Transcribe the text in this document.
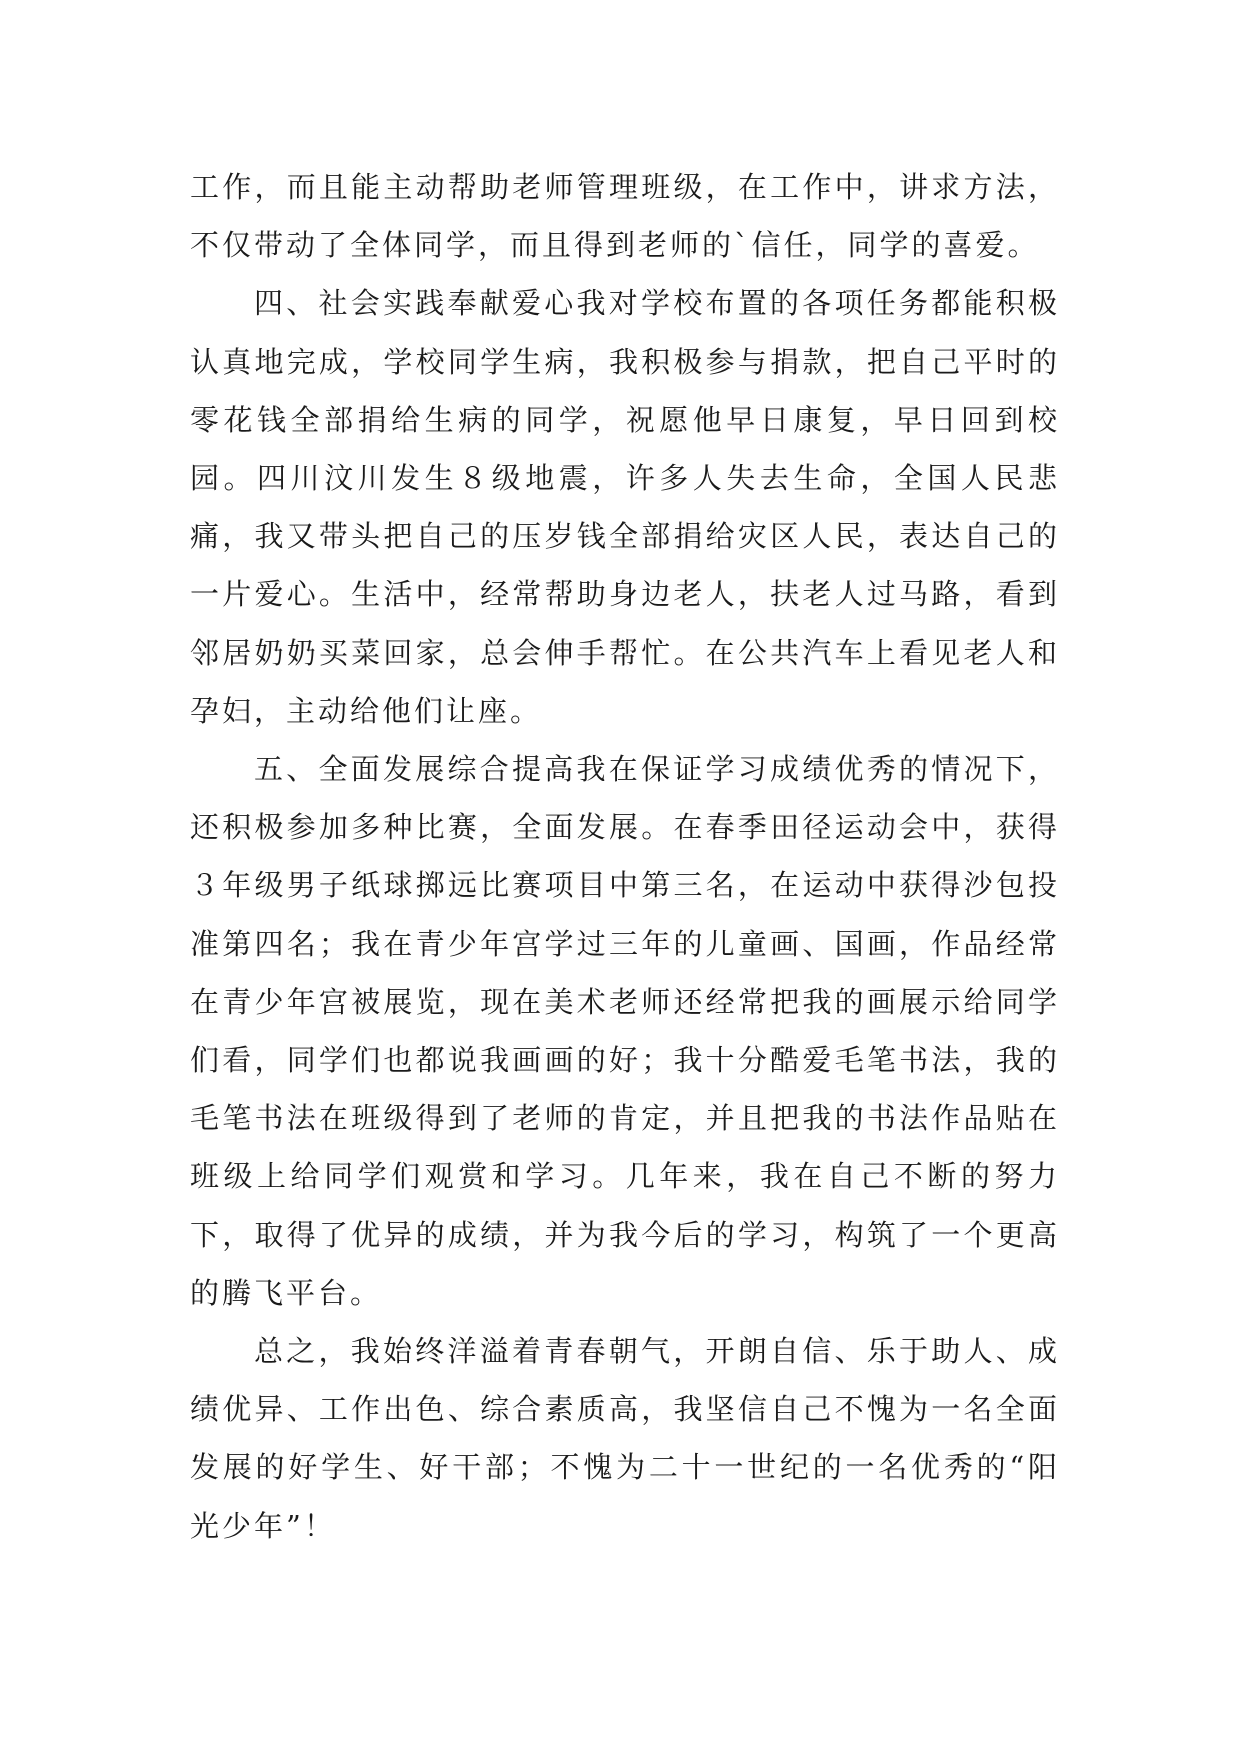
工作，而且能主动帮助老师管理班级，在工作中，讲求方法，不仅带动了全体同学，而且得到老师的`信任，同学的喜爱。

四、社会实践奉献爱心我对学校布置的各项任务都能积极认真地完成，学校同学生病，我积极参与捐款，把自己平时的零花钱全部捐给生病的同学，祝愿他早日康复，早日回到校园。四川汶川发生８级地震，许多人失去生命，全国人民悲痛，我又带头把自己的压岁钱全部捐给灾区人民，表达自己的一片爱心。生活中，经常帮助身边老人，扶老人过马路，看到邻居奶奶买菜回家，总会伸手帮忙。在公共汽车上看见老人和孕妇，主动给他们让座。

五、全面发展综合提高我在保证学习成绩优秀的情况下，还积极参加多种比赛，全面发展。在春季田径运动会中，获得３年级男子纸球掷远比赛项目中第三名，在运动中获得沙包投准第四名；我在青少年宫学过三年的儿童画、国画，作品经常在青少年宫被展览，现在美术老师还经常把我的画展示给同学们看，同学们也都说我画画的好；我十分酷爱毛笔书法，我的毛笔书法在班级得到了老师的肯定，并且把我的书法作品贴在班级上给同学们观赏和学习。几年来，我在自己不断的努力下，取得了优异的成绩，并为我今后的学习，构筑了一个更高的腾飞平台。

总之，我始终洋溢着青春朝气，开朗自信、乐于助人、成绩优异、工作出色、综合素质高，我坚信自己不愧为一名全面发展的好学生、好干部；不愧为二十一世纪的一名优秀的“阳光少年”！
